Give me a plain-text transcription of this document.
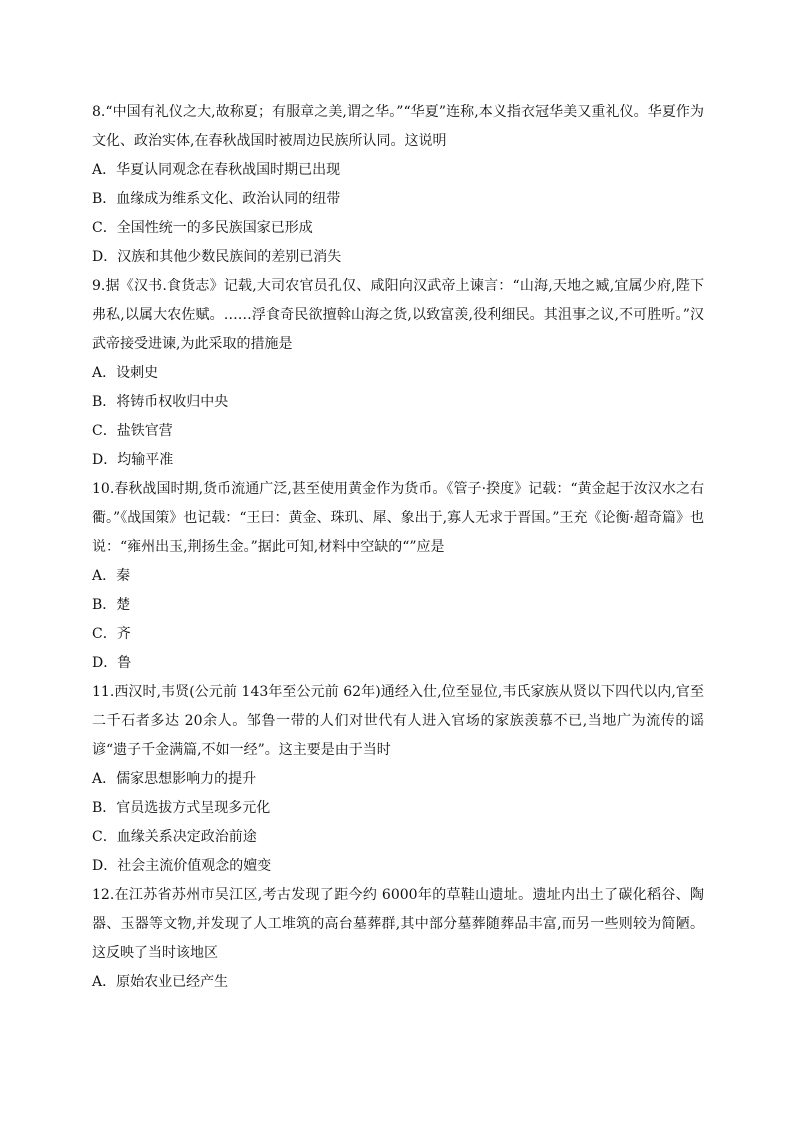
8.“中国有礼仪之大,故称夏；有服章之美,谓之华。”“华夏”连称,本义指衣冠华美又重礼仪。华夏作为文化、政治实体,在春秋战国时被周边民族所认同。这说明

A．华夏认同观念在春秋战国时期已出现

B．血缘成为维系文化、政治认同的纽带

C．全国性统一的多民族国家已形成

D．汉族和其他少数民族间的差别已消失

9.据《汉书.食货志》记载,大司农官员孔仅、咸阳向汉武帝上谏言：“山海,天地之臧,宜属少府,陛下弗私,以属大农佐赋。……浮食奇民欲擅斡山海之货,以致富羡,役利细民。其沮事之议,不可胜听。”汉武帝接受进谏,为此采取的措施是

A．设刺史

B．将铸币权收归中央

C．盐铁官营

D．均输平准

10.春秋战国时期,货币流通广泛,甚至使用黄金作为货币。《管子·揆度》记载：“黄金起于汝汉水之右衢。”《战国策》也记载：“王曰：黄金、珠玑、犀、象出于,寡人无求于晋国。”王充《论衡·超奇篇》也说：“雍州出玉,荆扬生金。”据此可知,材料中空缺的“”应是

A．秦

B．楚

C．齐

D．鲁

11.西汉时,韦贤(公元前 143年至公元前 62年)通经入仕,位至显位,韦氏家族从贤以下四代以内,官至二千石者多达 20余人。邹鲁一带的人们对世代有人进入官场的家族羡慕不已,当地广为流传的谣谚“遗子千金满篇,不如一经”。这主要是由于当时

A．儒家思想影响力的提升

B．官员选拔方式呈现多元化

C．血缘关系决定政治前途

D．社会主流价值观念的嬗变

12.在江苏省苏州市吴江区,考古发现了距今约 6000年的草鞋山遗址。遗址内出土了碳化稻谷、陶器、玉器等文物,并发现了人工堆筑的高台墓葬群,其中部分墓葬随葬品丰富,而另一些则较为简陋。这反映了当时该地区

A．原始农业已经产生
